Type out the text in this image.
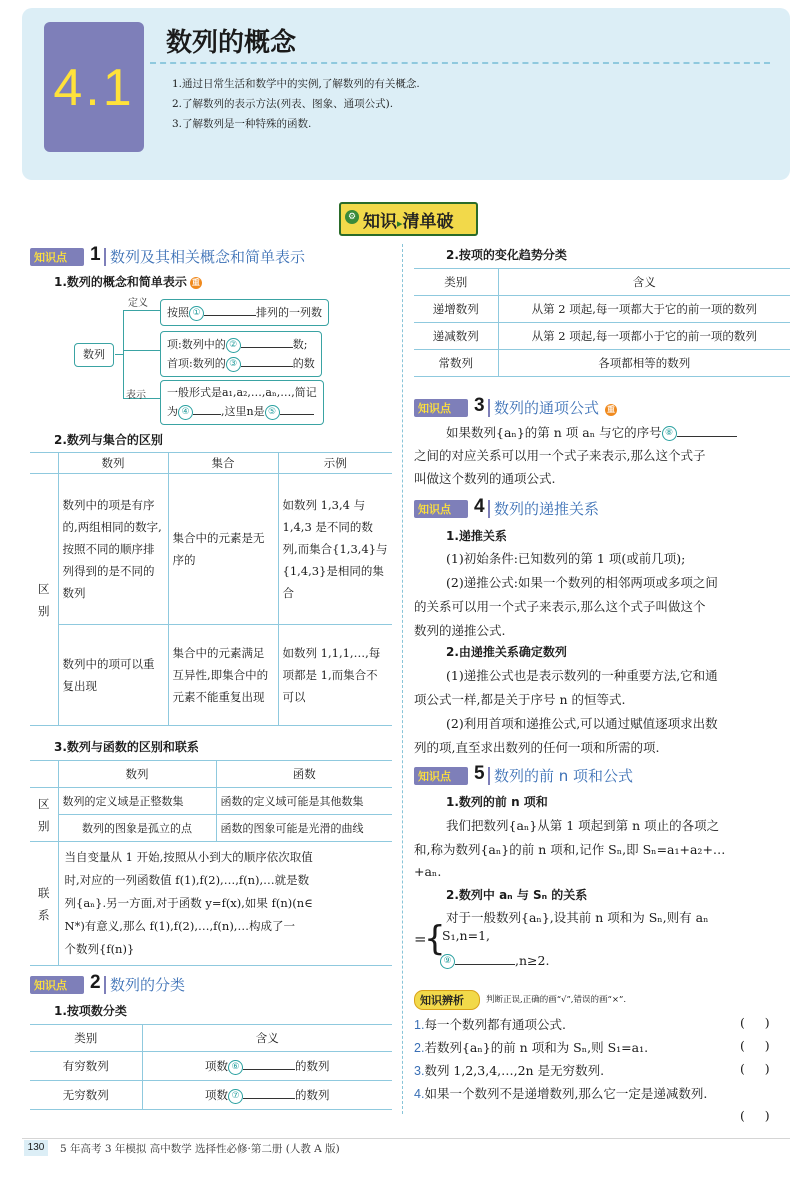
4.1
数列的概念
1.通过日常生活和数学中的实例,了解数列的有关概念.
2.了解数列的表示方法(列表、图象、通项公式).
3.了解数列是一种特殊的函数.
⚙ 知识▸清单破
知识点 1 数列及其相关概念和简单表示
1.数列的概念和简单表示 重
数列
定义
表示
按照 ①	排列的一列数
项:数列中的 ②	数;
首项:数列的 ③	的数
一般形式是a₁,a₂,…,aₙ,…,简记
为 ④	,这里n是 ⑤
2.数列与集合的区别
	数列	集合	示例
区别	数列中的项是有序的,两组相同的数字,按照不同的顺序排列得到的是不同的数列	集合中的元素是无序的	如数列 1,3,4 与 1,4,3 是不同的数列,而集合{1,3,4}与{1,4,3}是相同的集合
	数列中的项可以重复出现	集合中的元素满足互异性,即集合中的元素不能重复出现	如数列 1,1,1,…,每项都是 1,而集合不可以
3.数列与函数的区别和联系
	数列	函数
区别	数列的定义域是正整数集	函数的定义域可能是其他数集
	数列的图象是孤立的点	函数的图象可能是光滑的曲线
联系	当自变量从 1 开始,按照从小到大的顺序依次取值
时,对应的一列函数值 f(1),f(2),…,f(n),…就是数
列{aₙ}.另一方面,对于函数 y=f(x),如果 f(n)(n∈
N*)有意义,那么 f(1),f(2),…,f(n),…构成了一
个数列{f(n)}	
知识点 2 数列的分类
1.按项数分类
类别	含义
有穷数列	项数 ⑥ 的数列
无穷数列	项数 ⑦ 的数列
2.按项的变化趋势分类
类别	含义
递增数列	从第 2 项起,每一项都大于它的前一项的数列
递减数列	从第 2 项起,每一项都小于它的前一项的数列
常数列	各项都相等的数列
知识点 3 数列的通项公式 重
如果数列{aₙ}的第 n 项 aₙ 与它的序号 ⑧
之间的对应关系可以用一个式子来表示,那么这个式子
叫做这个数列的通项公式.
知识点 4 数列的递推关系
1.递推关系
(1)初始条件:已知数列的第 1 项(或前几项);
(2)递推公式:如果一个数列的相邻两项或多项之间
的关系可以用一个式子来表示,那么这个式子叫做这个
数列的递推公式.
2.由递推关系确定数列
(1)递推公式也是表示数列的一种重要方法,它和通
项公式一样,都是关于序号 n 的恒等式.
(2)利用首项和递推公式,可以通过赋值逐项求出数
列的项,直至求出数列的任何一项和所需的项.
知识点 5 数列的前 n 项和公式
1.数列的前 n 项和
我们把数列{aₙ}从第 1 项起到第 n 项止的各项之
和,称为数列{aₙ}的前 n 项和,记作 Sₙ,即 Sₙ=a₁+a₂+…
+aₙ.
2.数列中 aₙ 与 Sₙ 的关系
对于一般数列{aₙ},设其前 n 项和为 Sₙ,则有 aₙ
=
{
S₁,n=1,
⑨	,n≥2.
知识辨析	判断正误,正确的画“√”,错误的画“×”.
1.每一个数列都有通项公式.	(     )
2.若数列{aₙ}的前 n 项和为 Sₙ,则 S₁=a₁.	(     )
3.数列 1,2,3,4,…,2n 是无穷数列.	(     )
4.如果一个数列不是递增数列,那么它一定是递减数列.
(     )
130	5 年高考 3 年模拟 高中数学 选择性必修·第二册 (人教 A 版)
